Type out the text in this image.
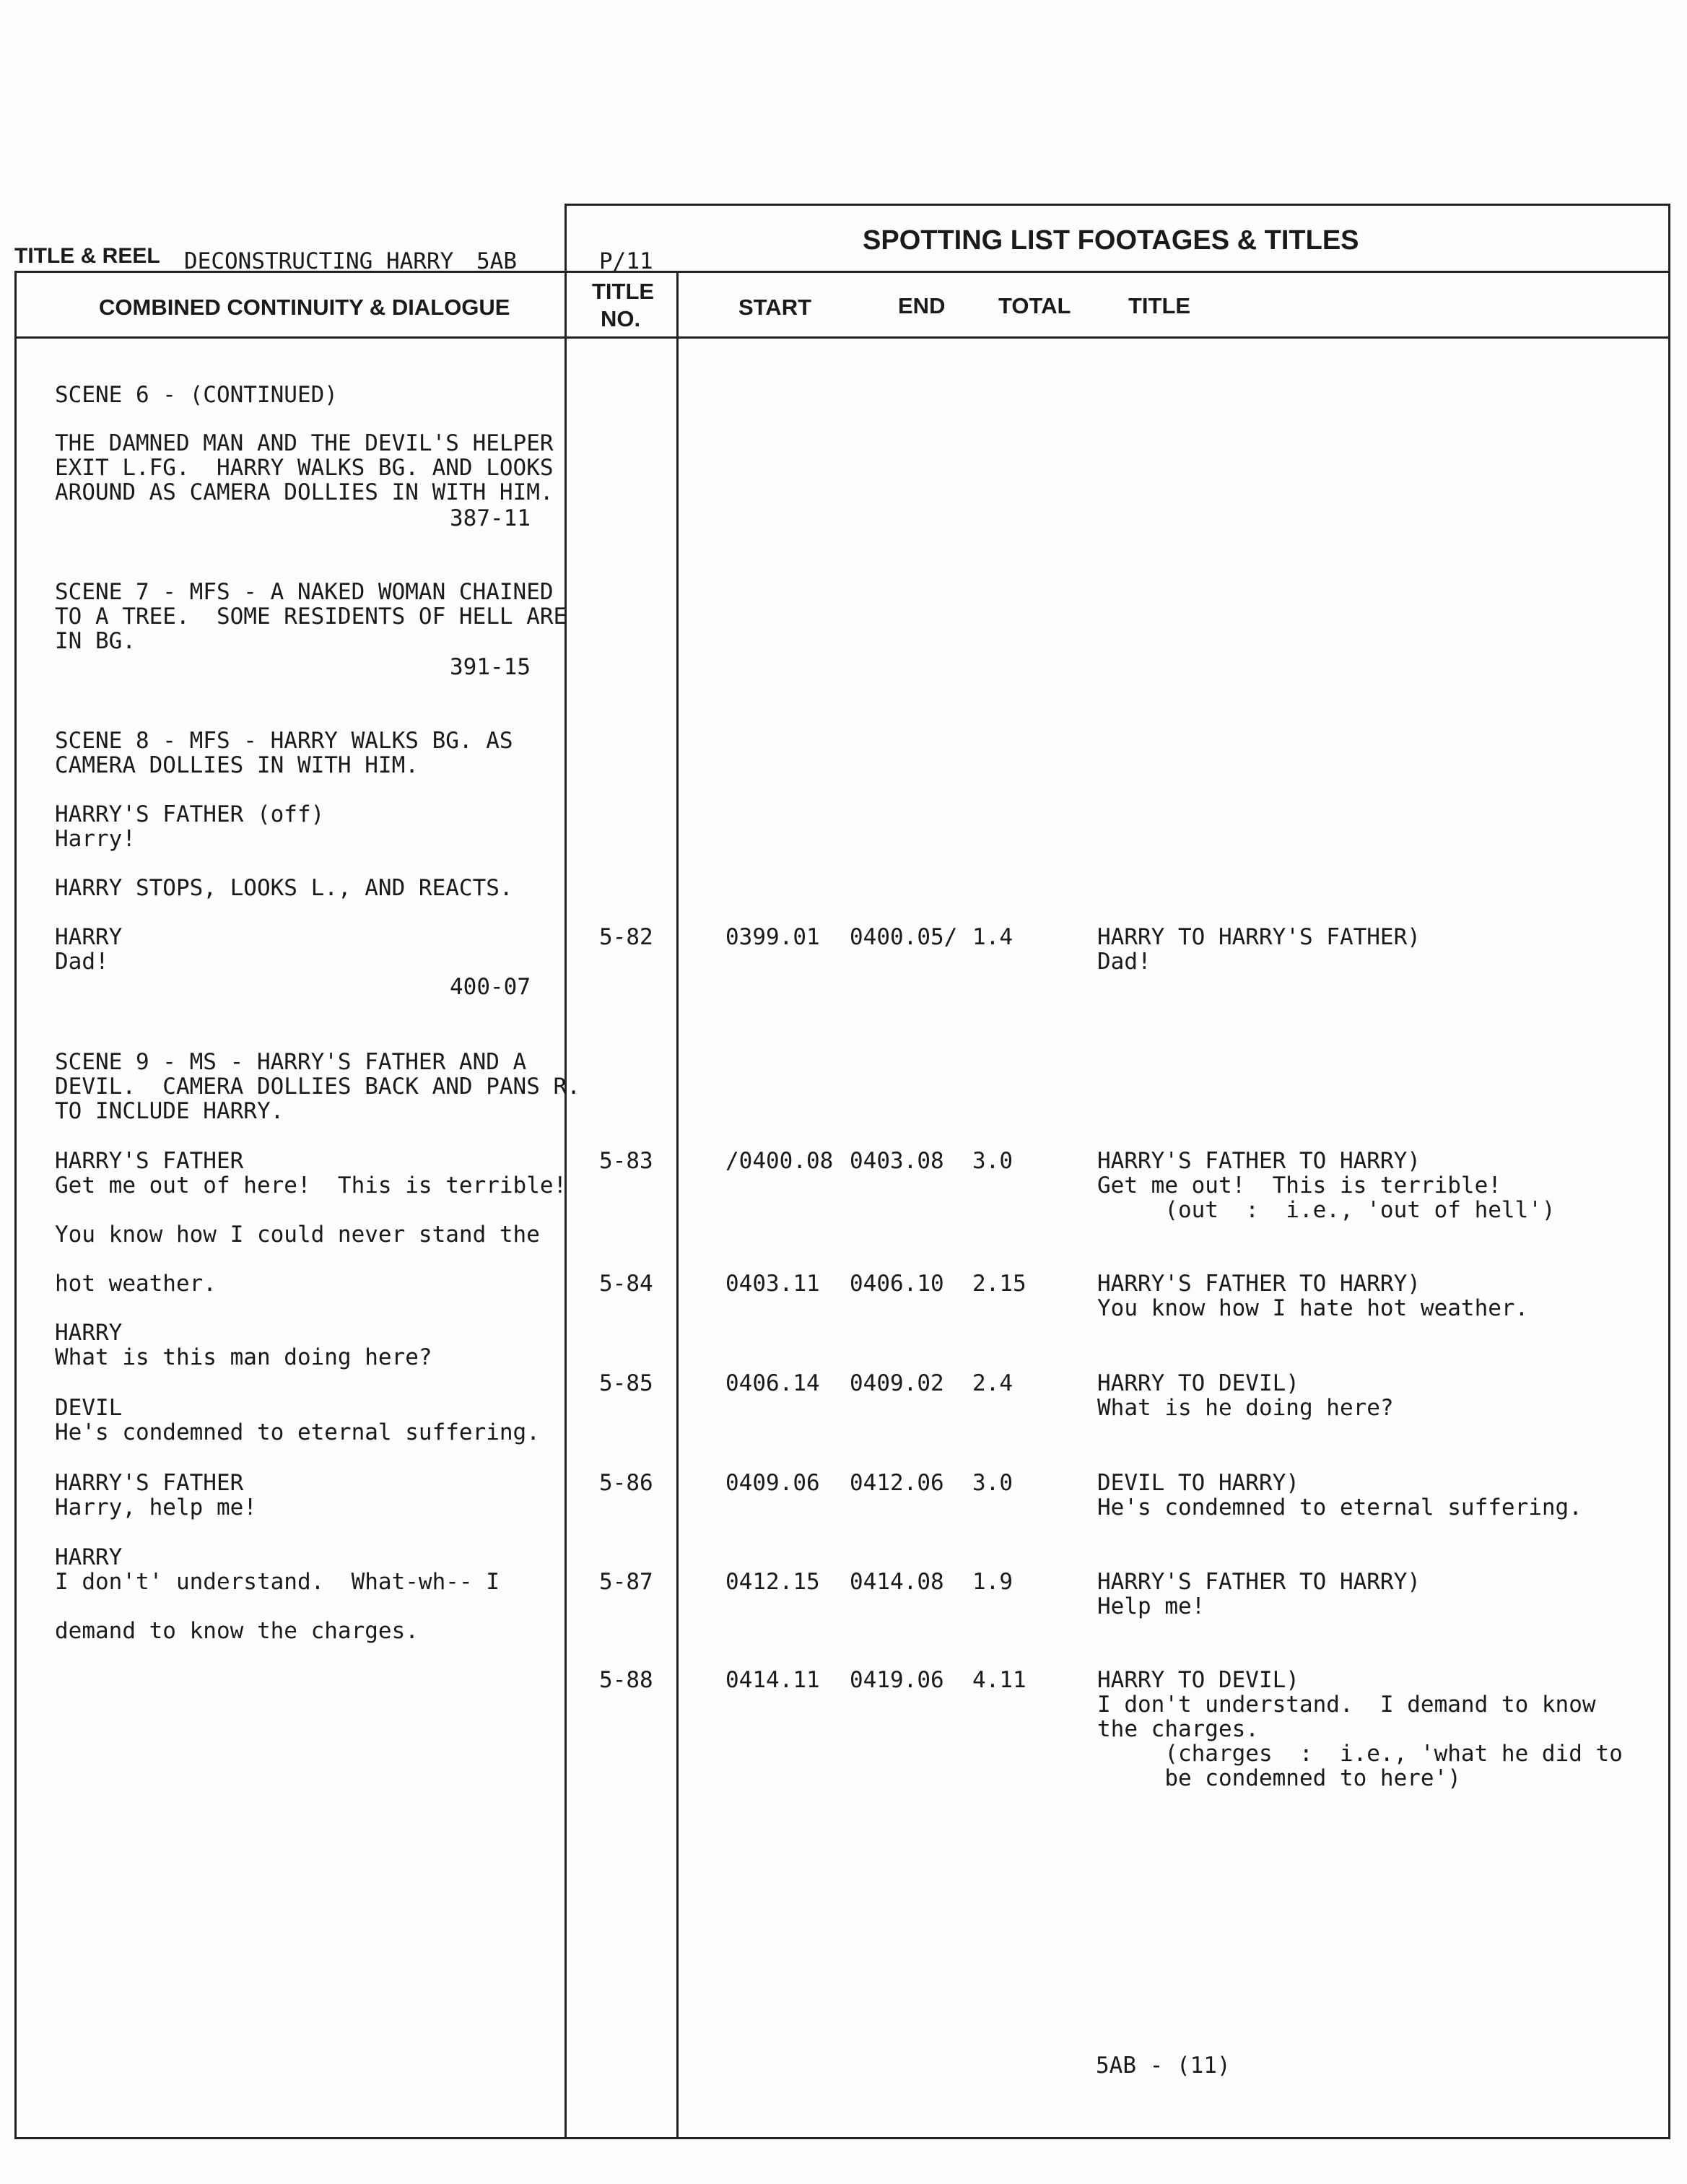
TITLE & REEL DECONSTRUCTING HARRY 5AB	P/11
SPOTTING LIST FOOTAGES & TITLES
COMBINED CONTINUITY & DIALOGUE
TITLE
NO.	START	END TOTAL	TITLE
SCENE 6 - (CONTINUED)
THE DAMNED MAN AND THE DEVIL'S HELPER
EXIT L.FG.  HARRY WALKS BG. AND LOOKS
AROUND AS CAMERA DOLLIES IN WITH HIM.
387-11
SCENE 7 - MFS - A NAKED WOMAN CHAINED
TO A TREE.  SOME RESIDENTS OF HELL ARE
IN BG.
391-15
SCENE 8 - MFS - HARRY WALKS BG. AS
CAMERA DOLLIES IN WITH HIM.
HARRY'S FATHER (off)
Harry!
HARRY STOPS, LOOKS L., AND REACTS.
HARRY
Dad!
400-07
SCENE 9 - MS - HARRY'S FATHER AND A
DEVIL.  CAMERA DOLLIES BACK AND PANS R.
TO INCLUDE HARRY.
HARRY'S FATHER
Get me out of here!  This is terrible!
You know how I could never stand the
hot weather.
HARRY
What is this man doing here?
DEVIL
He's condemned to eternal suffering.
HARRY'S FATHER
Harry, help me!
HARRY
I don't' understand.  What-wh-- I
demand to know the charges.
5-82	0399.01 0400.05/ 1.4	HARRY TO HARRY'S FATHER)
Dad!
5-83	/0400.08 0403.08 3.0	HARRY'S FATHER TO HARRY)
Get me out!  This is terrible!
(out  :  i.e., 'out of hell')
5-84	0403.11 0406.10 2.15	HARRY'S FATHER TO HARRY)
You know how I hate hot weather.
5-85	0406.14 0409.02 2.4	HARRY TO DEVIL)
What is he doing here?
5-86	0409.06 0412.06 3.0	DEVIL TO HARRY)
He's condemned to eternal suffering.
5-87	0412.15 0414.08 1.9	HARRY'S FATHER TO HARRY)
Help me!
5-88	0414.11 0419.06 4.11	HARRY TO DEVIL)
I don't understand.  I demand to know
the charges.
(charges  :  i.e., 'what he did to
be condemned to here')
5AB - (11)
